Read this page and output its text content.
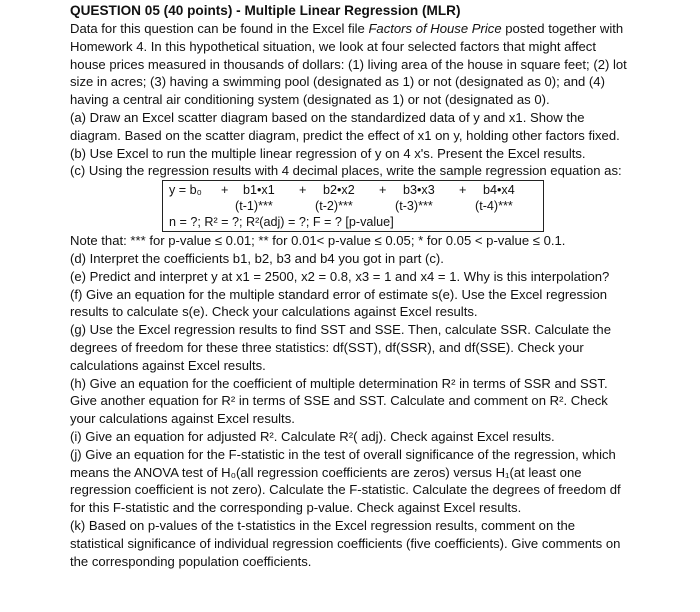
QUESTION 05 (40 points) - Multiple Linear Regression (MLR)

Data for this question can be found in the Excel file Factors of House Price posted together with Homework 4. In this hypothetical situation, we look at four selected factors that might affect house prices measured in thousands of dollars: (1) living area of the house in square feet; (2) lot size in acres; (3) having a swimming pool (designated as 1) or not (designated as 0); and (4) having a central air conditioning system (designated as 1) or not (designated as 0).

(a) Draw an Excel scatter diagram based on the standardized data of y and x1. Show the diagram. Based on the scatter diagram, predict the effect of x1 on y, holding other factors fixed.

(b) Use Excel to run the multiple linear regression of y on 4 x's. Present the Excel results.

(c) Using the regression results with 4 decimal places, write the sample regression equation as:

y = b₀ + b1•x1 + b2•x2 + b3•x3 + b4•x4
(t-1)***	(t-2)***	(t-3)***	(t-4)***
n = ?; R² = ?; R²(adj) = ?; F = ? [p-value]

Note that: *** for p-value ≤ 0.01; ** for 0.01< p-value ≤ 0.05; * for 0.05 < p-value ≤ 0.1.

(d) Interpret the coefficients b1, b2, b3 and b4 you got in part (c).

(e) Predict and interpret y at x1 = 2500, x2 = 0.8, x3 = 1 and x4 = 1. Why is this interpolation?

(f) Give an equation for the multiple standard error of estimate s(e). Use the Excel regression results to calculate s(e). Check your calculations against Excel results.

(g) Use the Excel regression results to find SST and SSE. Then, calculate SSR. Calculate the degrees of freedom for these three statistics: df(SST), df(SSR), and df(SSE). Check your calculations against Excel results.

(h) Give an equation for the coefficient of multiple determination R² in terms of SSR and SST. Give another equation for R² in terms of SSE and SST. Calculate and comment on R². Check your calculations against Excel results.

(i) Give an equation for adjusted R². Calculate R²( adj). Check against Excel results.

(j) Give an equation for the F-statistic in the test of overall significance of the regression, which means the ANOVA test of H₀(all regression coefficients are zeros) versus H₁(at least one regression coefficient is not zero). Calculate the F-statistic. Calculate the degrees of freedom df for this F-statistic and the corresponding p-value. Check against Excel results.

(k) Based on p-values of the t-statistics in the Excel regression results, comment on the statistical significance of individual regression coefficients (five coefficients). Give comments on the corresponding population coefficients.
